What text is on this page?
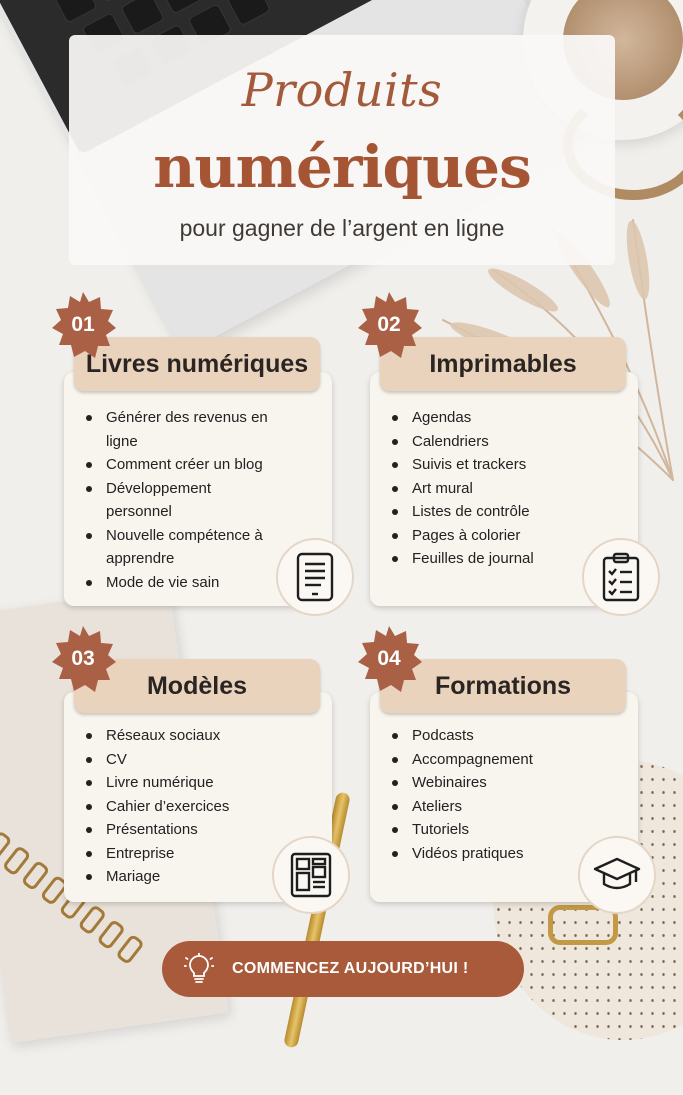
Produits
numériques
pour gagner de l’argent en ligne
Générer des revenus en ligne
Comment créer un blog
Développement personnel
Nouvelle compétence à apprendre
Mode de vie sain
Livres numériques
01
Agendas
Calendriers
Suivis et trackers
Art mural
Listes de contrôle
Pages à colorier
Feuilles de journal
Imprimables
02
Réseaux sociaux
CV
Livre numérique
Cahier d’exercices
Présentations
Entreprise
Mariage
Modèles
03
Podcasts
Accompagnement
Webinaires
Ateliers
Tutoriels
Vidéos pratiques
Formations
04
COMMENCEZ AUJOURD’HUI !
